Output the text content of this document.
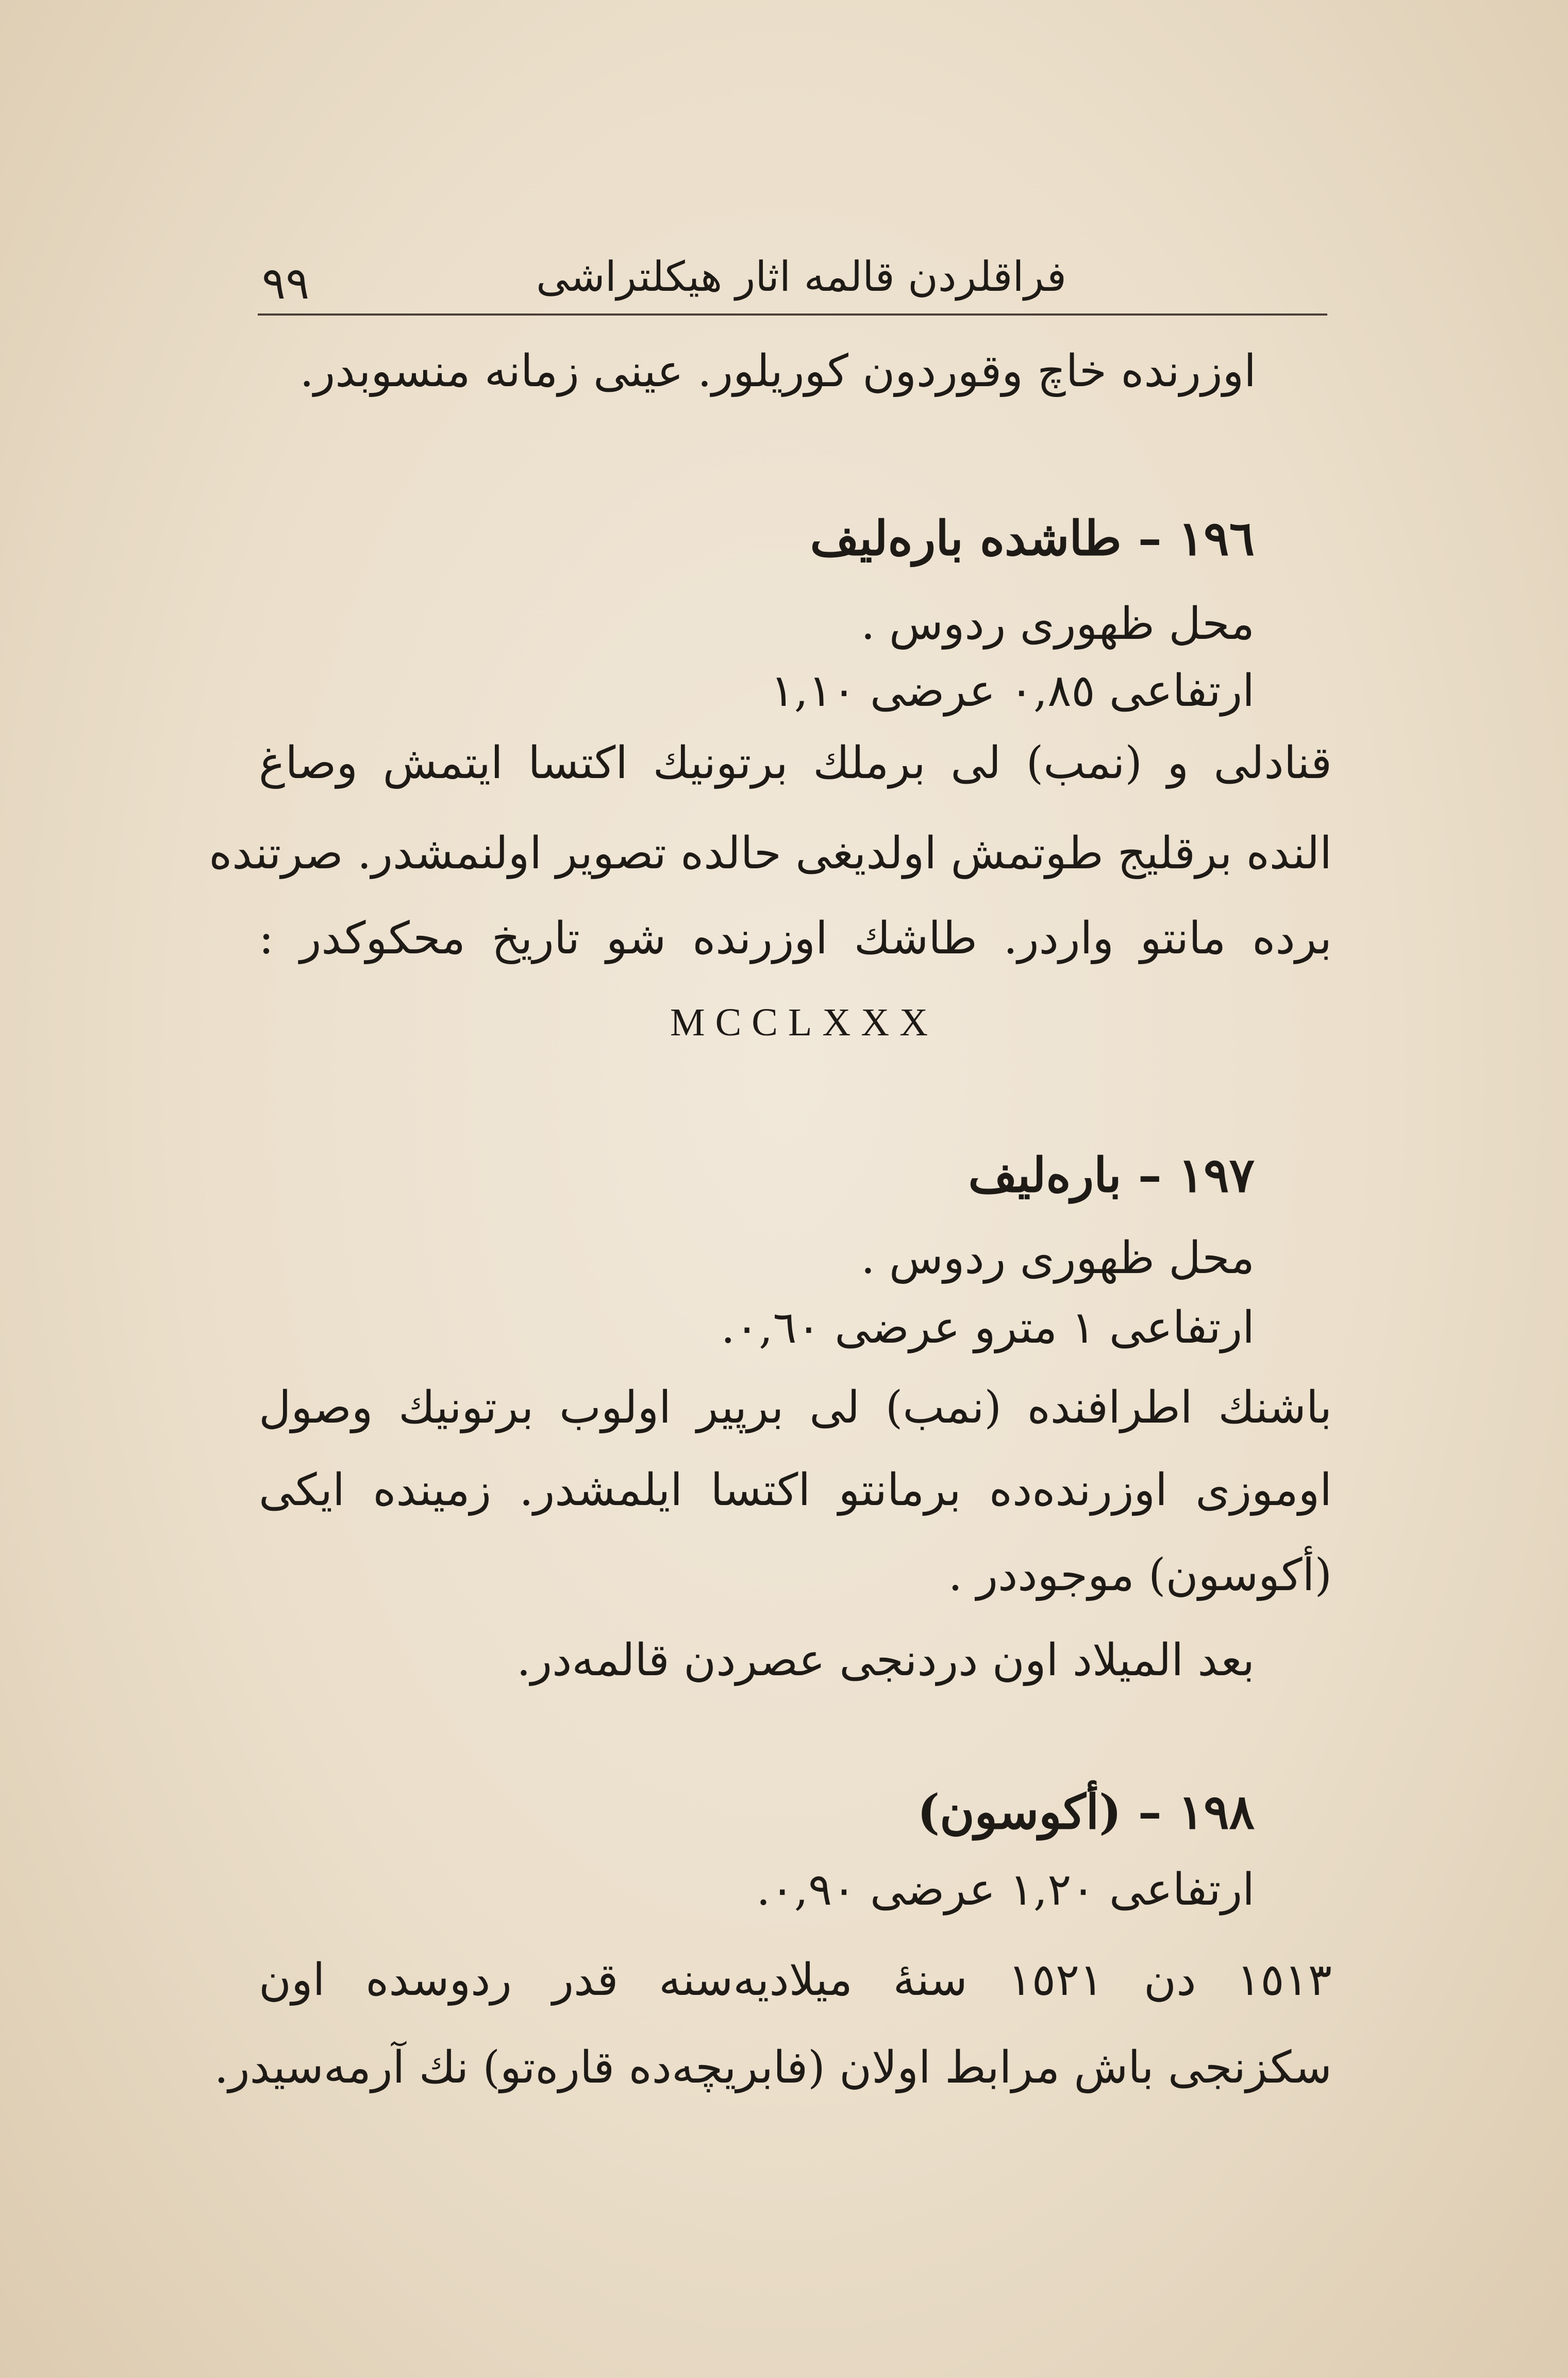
فراقلردن قالمه اثار هيكلتراشى
٩٩
اوزرنده خاچ وقوردون كوريلور. عينى زمانه منسوبدر.
١٩٦ – طاشده باره‌ليف
محل ظهورى ردوس .
ارتفاعى ٠,٨٥ عرضى ١,١٠
قنادلى و (نمب) لى برملك برتونيك اكتسا ايتمش وصاغ
النده برقليج طوتمش اولديغى حالده تصوير اولنمشدر. صرتنده
برده مانتو واردر. طاشك اوزرنده شو تاريخ محكوكدر :
MCCLXXX
١٩٧ – باره‌ليف
محل ظهورى ردوس .
ارتفاعى ١ مترو عرضى ٠,٦٠.
باشنك اطرافنده (نمب) لى برپير اولوب برتونيك وصول
اوموزى اوزرنده‌ده برمانتو اكتسا ايلمشدر. زمينده ايكى
(أكوسون) موجوددر .
بعد الميلاد اون دردنجى عصردن قالمه‌در.
١٩٨ – (أكوسون)
ارتفاعى ١,٢٠ عرضى ٠,٩٠.
١٥١٣ دن ١٥٢١ سنهٔ ميلاديه‌سنه قدر ردوسده اون
سكزنجى باش مرابط اولان (فابريچه‌ده قاره‌تو) نك آرمه‌سيدر.
